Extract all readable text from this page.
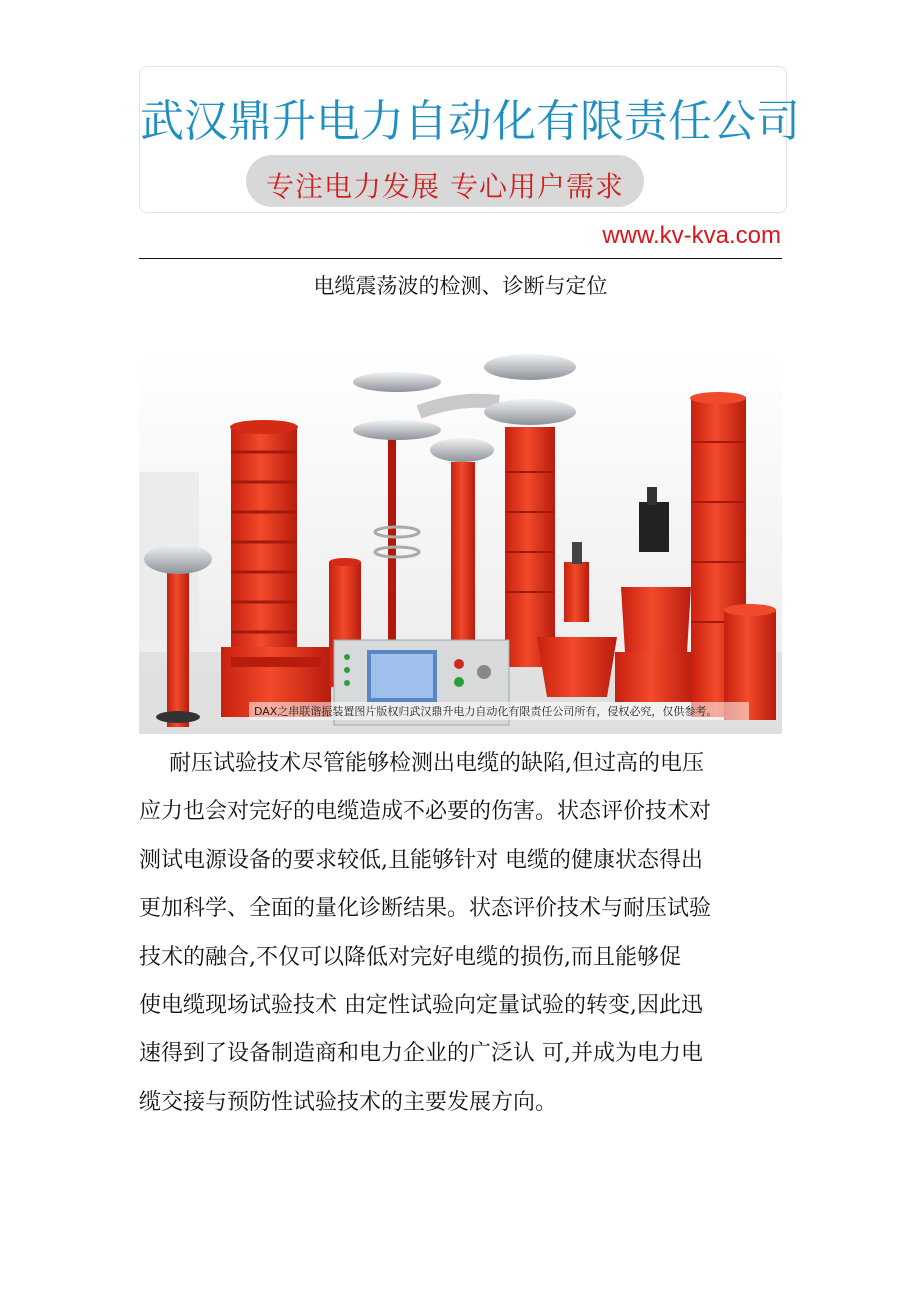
武汉鼎升电力自动化有限责任公司
专注电力发展 专心用户需求
www.kv-kva.com
电缆震荡波的检测、诊断与定位
DAX之串联谐振装置图片版权归武汉鼎升电力自动化有限责任公司所有，侵权必究，仅供参考。

耐压试验技术尽管能够检测出电缆的缺陷,但过高的电压

应力也会对完好的电缆造成不必要的伤害。状态评价技术对

测试电源设备的要求较低,且能够针对 电缆的健康状态得出

更加科学、全面的量化诊断结果。状态评价技术与耐压试验

技术的融合,不仅可以降低对完好电缆的损伤,而且能够促

使电缆现场试验技术 由定性试验向定量试验的转变,因此迅

速得到了设备制造商和电力企业的广泛认 可,并成为电力电

缆交接与预防性试验技术的主要发展方向。
